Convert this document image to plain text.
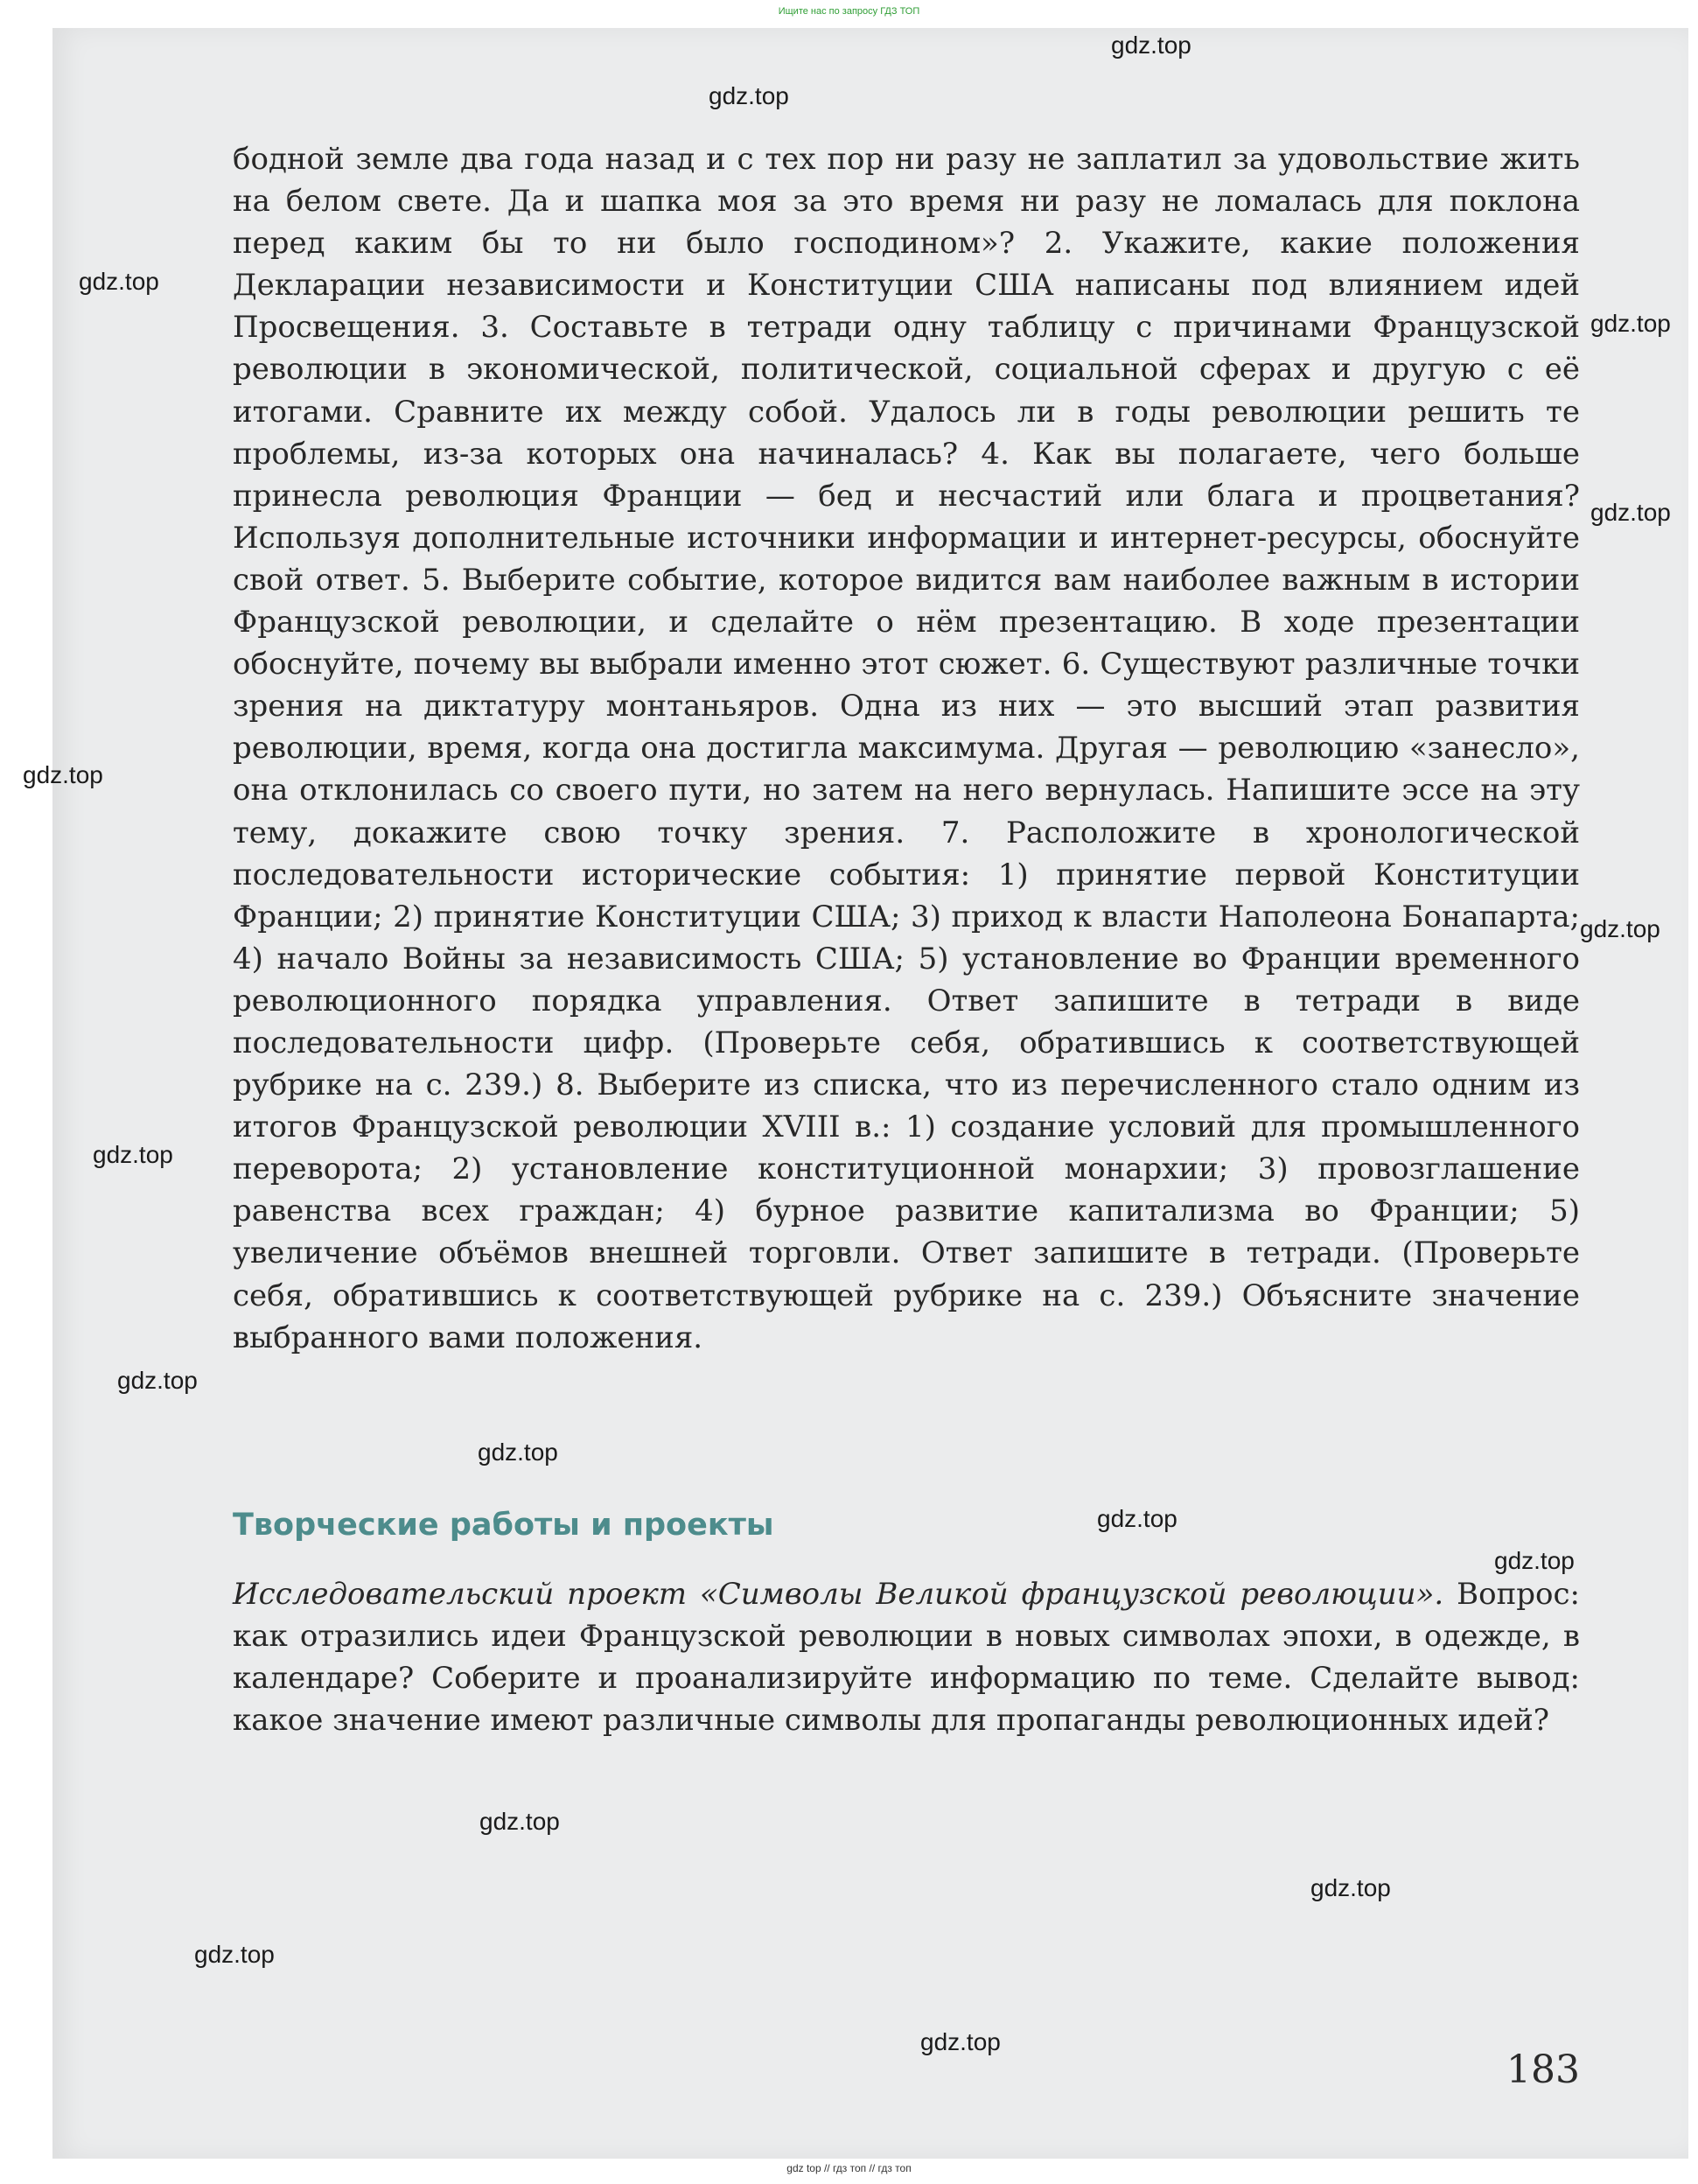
Ищите нас по запросу ГДЗ ТОП
бодной земле два года назад и с тех пор ни разу не заплатил за удовольствие жить на белом свете. Да и шапка моя за это время ни разу не ломалась для поклона перед каким бы то ни было господином»? 2. Укажите, какие положения Декларации независимости и Конституции США написаны под влиянием идей Просвещения. 3. Составьте в тетради одну таблицу с причинами Французской революции в экономической, политической, социальной сферах и другую с её итогами. Сравните их между собой. Удалось ли в годы революции решить те проблемы, из-за которых она начиналась? 4. Как вы полагаете, чего больше принесла революция Франции — бед и несчастий или блага и процветания? Используя дополнительные источники информации и интернет-ресурсы, обоснуйте свой ответ. 5. Выберите событие, которое видится вам наиболее важным в истории Французской революции, и сделайте о нём презентацию. В ходе презентации обоснуйте, почему вы выбрали именно этот сюжет. 6. Существуют различные точки зрения на диктатуру монтаньяров. Одна из них — это высший этап развития революции, время, когда она достигла максимума. Другая — революцию «занесло», она отклонилась со своего пути, но затем на него вернулась. Напишите эссе на эту тему, докажите свою точку зрения. 7. Расположите в хронологической последовательности исторические события: 1) принятие первой Конституции Франции; 2) принятие Конституции США; 3) приход к власти Наполеона Бонапарта; 4) начало Войны за независимость США; 5) установление во Франции временного революционного порядка управления. Ответ запишите в тетради в виде последовательности цифр. (Проверьте себя, обратившись к соответствующей рубрике на с. 239.) 8. Выберите из списка, что из перечисленного стало одним из итогов Французской революции XVIII в.: 1) создание условий для промышленного переворота; 2) установление конституционной монархии; 3) провозглашение равенства всех граждан; 4) бурное развитие капитализма во Франции; 5) увеличение объёмов внешней торговли. Ответ запишите в тетради. (Проверьте себя, обратившись к соответствующей рубрике на с. 239.) Объясните значение выбранного вами положения.
Творческие работы и проекты
Исследовательский проект «Символы Великой французской революции». Вопрос: как отразились идеи Французской революции в новых символах эпохи, в одежде, в календаре? Соберите и проанализируйте информацию по теме. Сделайте вывод: какое значение имеют различные символы для пропаганды революционных идей?
183
gdz top // гдз топ // гдз топ
gdz.top
gdz.top
gdz.top
gdz.top
gdz.top
gdz.top
gdz.top
gdz.top
gdz.top
gdz.top
gdz.top
gdz.top
gdz.top
gdz.top
gdz.top
gdz.top
